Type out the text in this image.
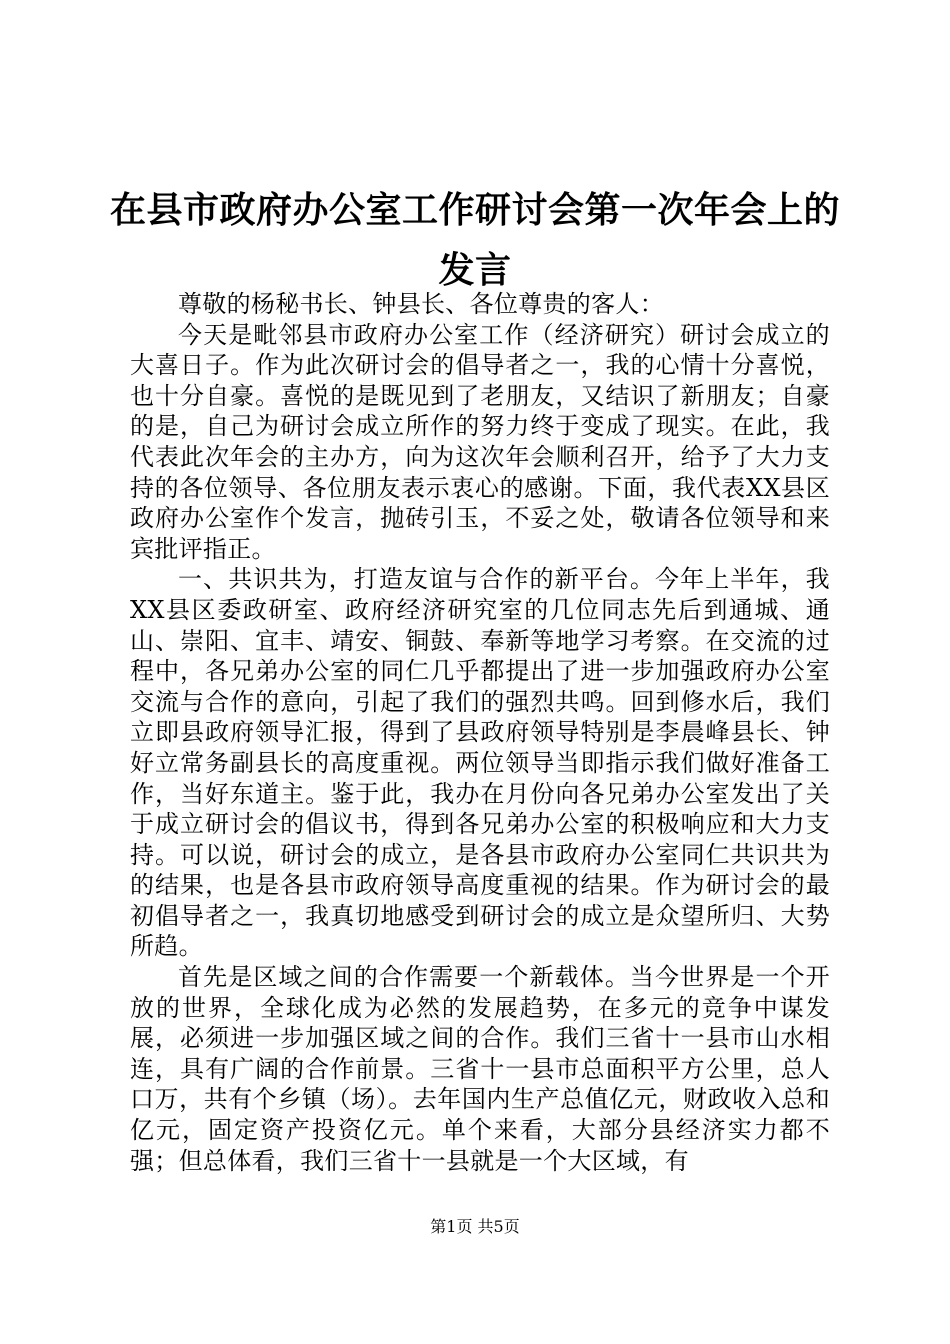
在县市政府办公室工作研讨会第一次年会上的发言

尊敬的杨秘书长、钟县长、各位尊贵的客人：

今天是毗邻县市政府办公室工作（经济研究）研讨会成立的大喜日子。作为此次研讨会的倡导者之一，我的心情十分喜悦，也十分自豪。喜悦的是既见到了老朋友，又结识了新朋友；自豪的是，自己为研讨会成立所作的努力终于变成了现实。在此，我代表此次年会的主办方，向为这次年会顺利召开，给予了大力支持的各位领导、各位朋友表示衷心的感谢。下面，我代表XX县区政府办公室作个发言，抛砖引玉，不妥之处，敬请各位领导和来宾批评指正。

一、共识共为，打造友谊与合作的新平台。今年上半年，我XX县区委政研室、政府经济研究室的几位同志先后到通城、通山、崇阳、宜丰、靖安、铜鼓、奉新等地学习考察。在交流的过程中，各兄弟办公室的同仁几乎都提出了进一步加强政府办公室交流与合作的意向，引起了我们的强烈共鸣。回到修水后，我们立即县政府领导汇报，得到了县政府领导特别是李晨峰县长、钟好立常务副县长的高度重视。两位领导当即指示我们做好准备工作，当好东道主。鉴于此，我办在月份向各兄弟办公室发出了关于成立研讨会的倡议书，得到各兄弟办公室的积极响应和大力支持。可以说，研讨会的成立，是各县市政府办公室同仁共识共为的结果，也是各县市政府领导高度重视的结果。作为研讨会的最初倡导者之一，我真切地感受到研讨会的成立是众望所归、大势所趋。

首先是区域之间的合作需要一个新载体。当今世界是一个开放的世界，全球化成为必然的发展趋势，在多元的竞争中谋发展，必须进一步加强区域之间的合作。我们三省十一县市山水相连，具有广阔的合作前景。三省十一县市总面积平方公里，总人口万，共有个乡镇（场）。去年国内生产总值亿元，财政收入总和亿元，固定资产投资亿元。单个来看，大部分县经济实力都不强；但总体看，我们三省十一县就是一个大区域，有

第1页 共5页
